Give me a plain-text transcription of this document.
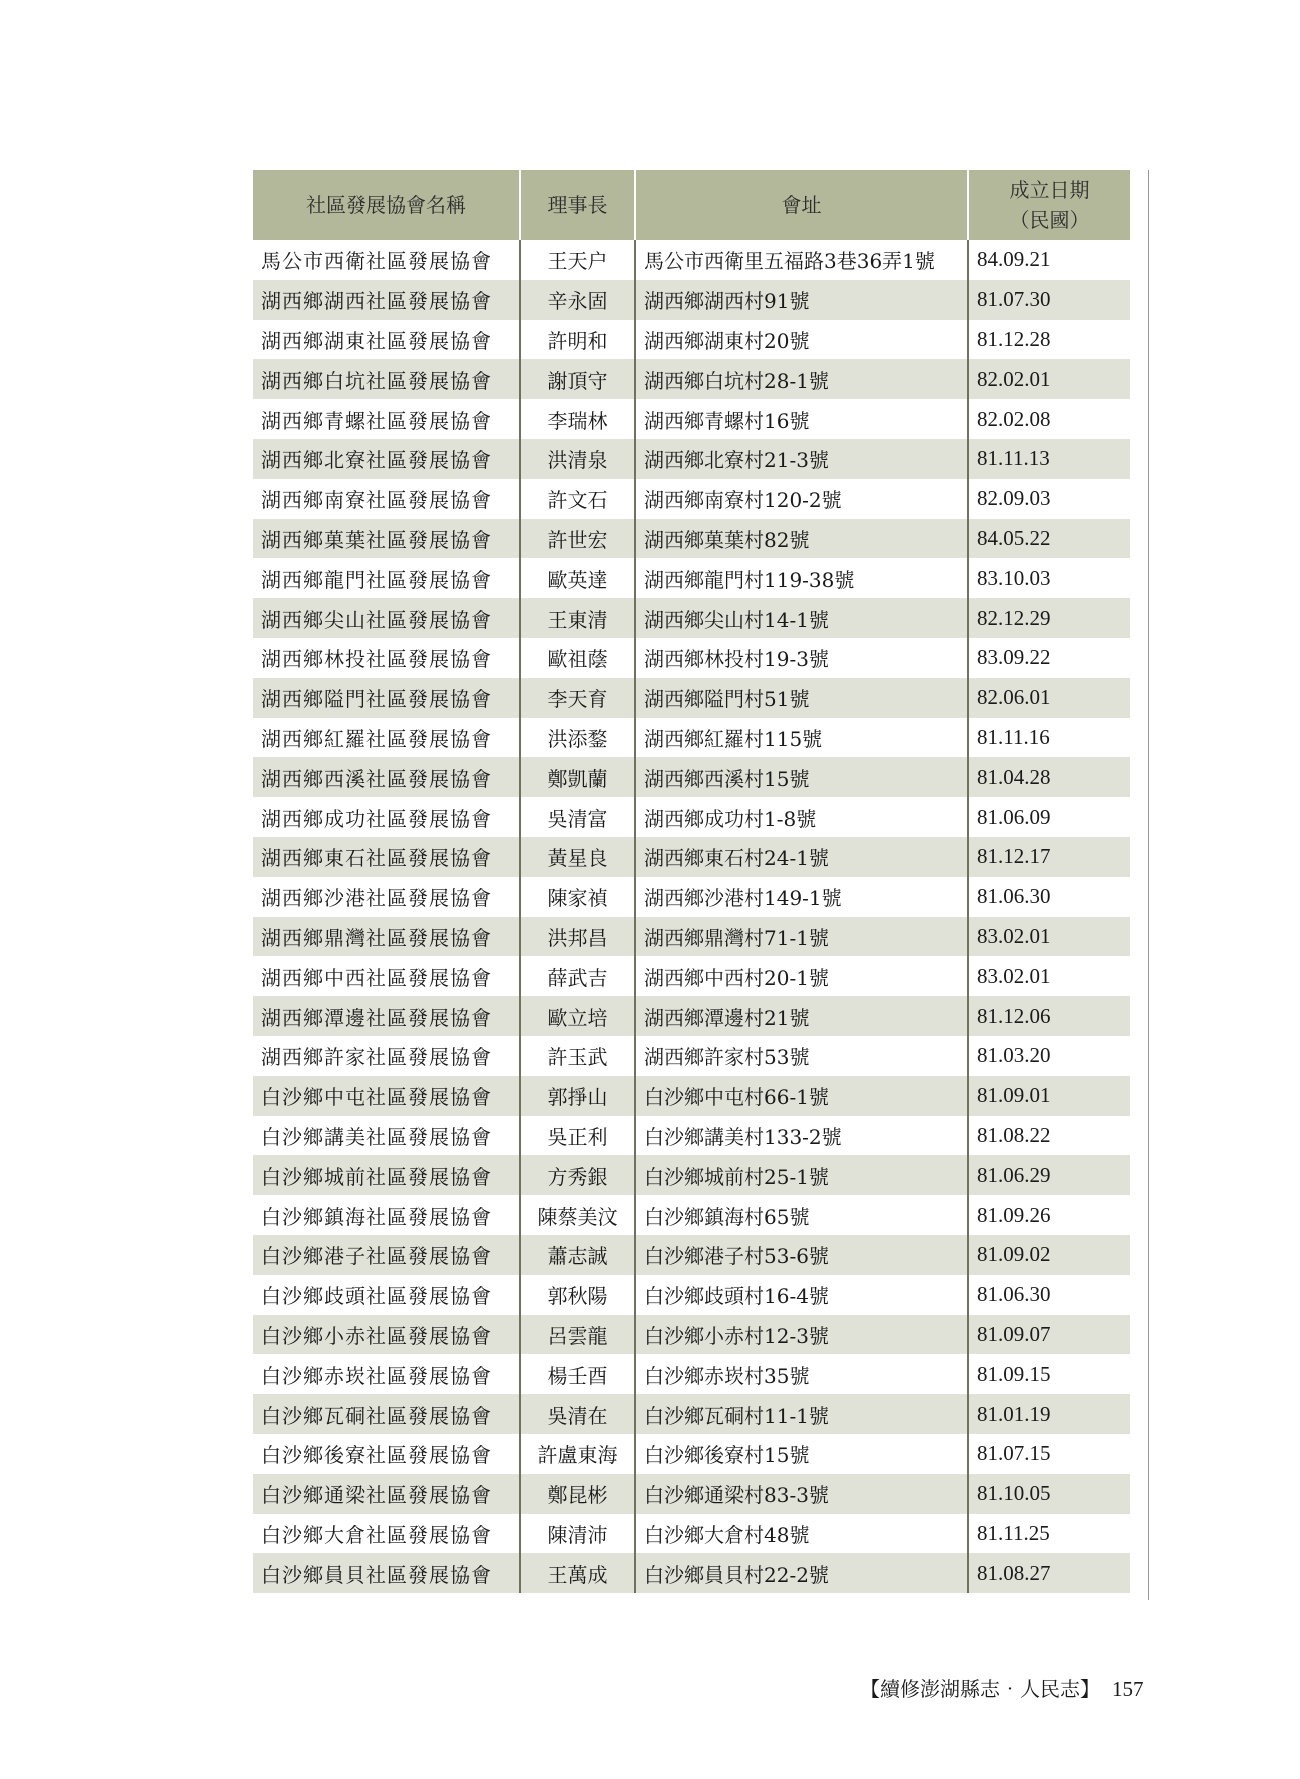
社區發展協會名稱	理事長	會址	成立日期
（民國）
馬公市西衛社區發展協會	王天户	馬公市西衛里五福路3巷36弄1號	84.09.21
湖西鄉湖西社區發展協會	辛永固	湖西鄉湖西村91號	81.07.30
湖西鄉湖東社區發展協會	許明和	湖西鄉湖東村20號	81.12.28
湖西鄉白坑社區發展協會	謝頂守	湖西鄉白坑村28-1號	82.02.01
湖西鄉青螺社區發展協會	李瑞林	湖西鄉青螺村16號	82.02.08
湖西鄉北寮社區發展協會	洪清泉	湖西鄉北寮村21-3號	81.11.13
湖西鄉南寮社區發展協會	許文石	湖西鄉南寮村120-2號	82.09.03
湖西鄉菓葉社區發展協會	許世宏	湖西鄉菓葉村82號	84.05.22
湖西鄉龍門社區發展協會	歐英達	湖西鄉龍門村119-38號	83.10.03
湖西鄉尖山社區發展協會	王東清	湖西鄉尖山村14-1號	82.12.29
湖西鄉林投社區發展協會	歐祖蔭	湖西鄉林投村19-3號	83.09.22
湖西鄉隘門社區發展協會	李天育	湖西鄉隘門村51號	82.06.01
湖西鄉紅羅社區發展協會	洪添鍪	湖西鄉紅羅村115號	81.11.16
湖西鄉西溪社區發展協會	鄭凱蘭	湖西鄉西溪村15號	81.04.28
湖西鄉成功社區發展協會	吳清富	湖西鄉成功村1-8號	81.06.09
湖西鄉東石社區發展協會	黃星良	湖西鄉東石村24-1號	81.12.17
湖西鄉沙港社區發展協會	陳家禎	湖西鄉沙港村149-1號	81.06.30
湖西鄉鼎灣社區發展協會	洪邦昌	湖西鄉鼎灣村71-1號	83.02.01
湖西鄉中西社區發展協會	薛武吉	湖西鄉中西村20-1號	83.02.01
湖西鄉潭邊社區發展協會	歐立培	湖西鄉潭邊村21號	81.12.06
湖西鄉許家社區發展協會	許玉武	湖西鄉許家村53號	81.03.20
白沙鄉中屯社區發展協會	郭掙山	白沙鄉中屯村66-1號	81.09.01
白沙鄉講美社區發展協會	吳正利	白沙鄉講美村133-2號	81.08.22
白沙鄉城前社區發展協會	方秀銀	白沙鄉城前村25-1號	81.06.29
白沙鄉鎮海社區發展協會	陳蔡美汶	白沙鄉鎮海村65號	81.09.26
白沙鄉港子社區發展協會	蕭志誠	白沙鄉港子村53-6號	81.09.02
白沙鄉歧頭社區發展協會	郭秋陽	白沙鄉歧頭村16-4號	81.06.30
白沙鄉小赤社區發展協會	呂雲龍	白沙鄉小赤村12-3號	81.09.07
白沙鄉赤崁社區發展協會	楊壬酉	白沙鄉赤崁村35號	81.09.15
白沙鄉瓦硐社區發展協會	吳清在	白沙鄉瓦硐村11-1號	81.01.19
白沙鄉後寮社區發展協會	許盧東海	白沙鄉後寮村15號	81.07.15
白沙鄉通梁社區發展協會	鄭昆彬	白沙鄉通梁村83-3號	81.10.05
白沙鄉大倉社區發展協會	陳清沛	白沙鄉大倉村48號	81.11.25
白沙鄉員貝社區發展協會	王萬成	白沙鄉員貝村22-2號	81.08.27
【續修澎湖縣志‧人民志】 157
